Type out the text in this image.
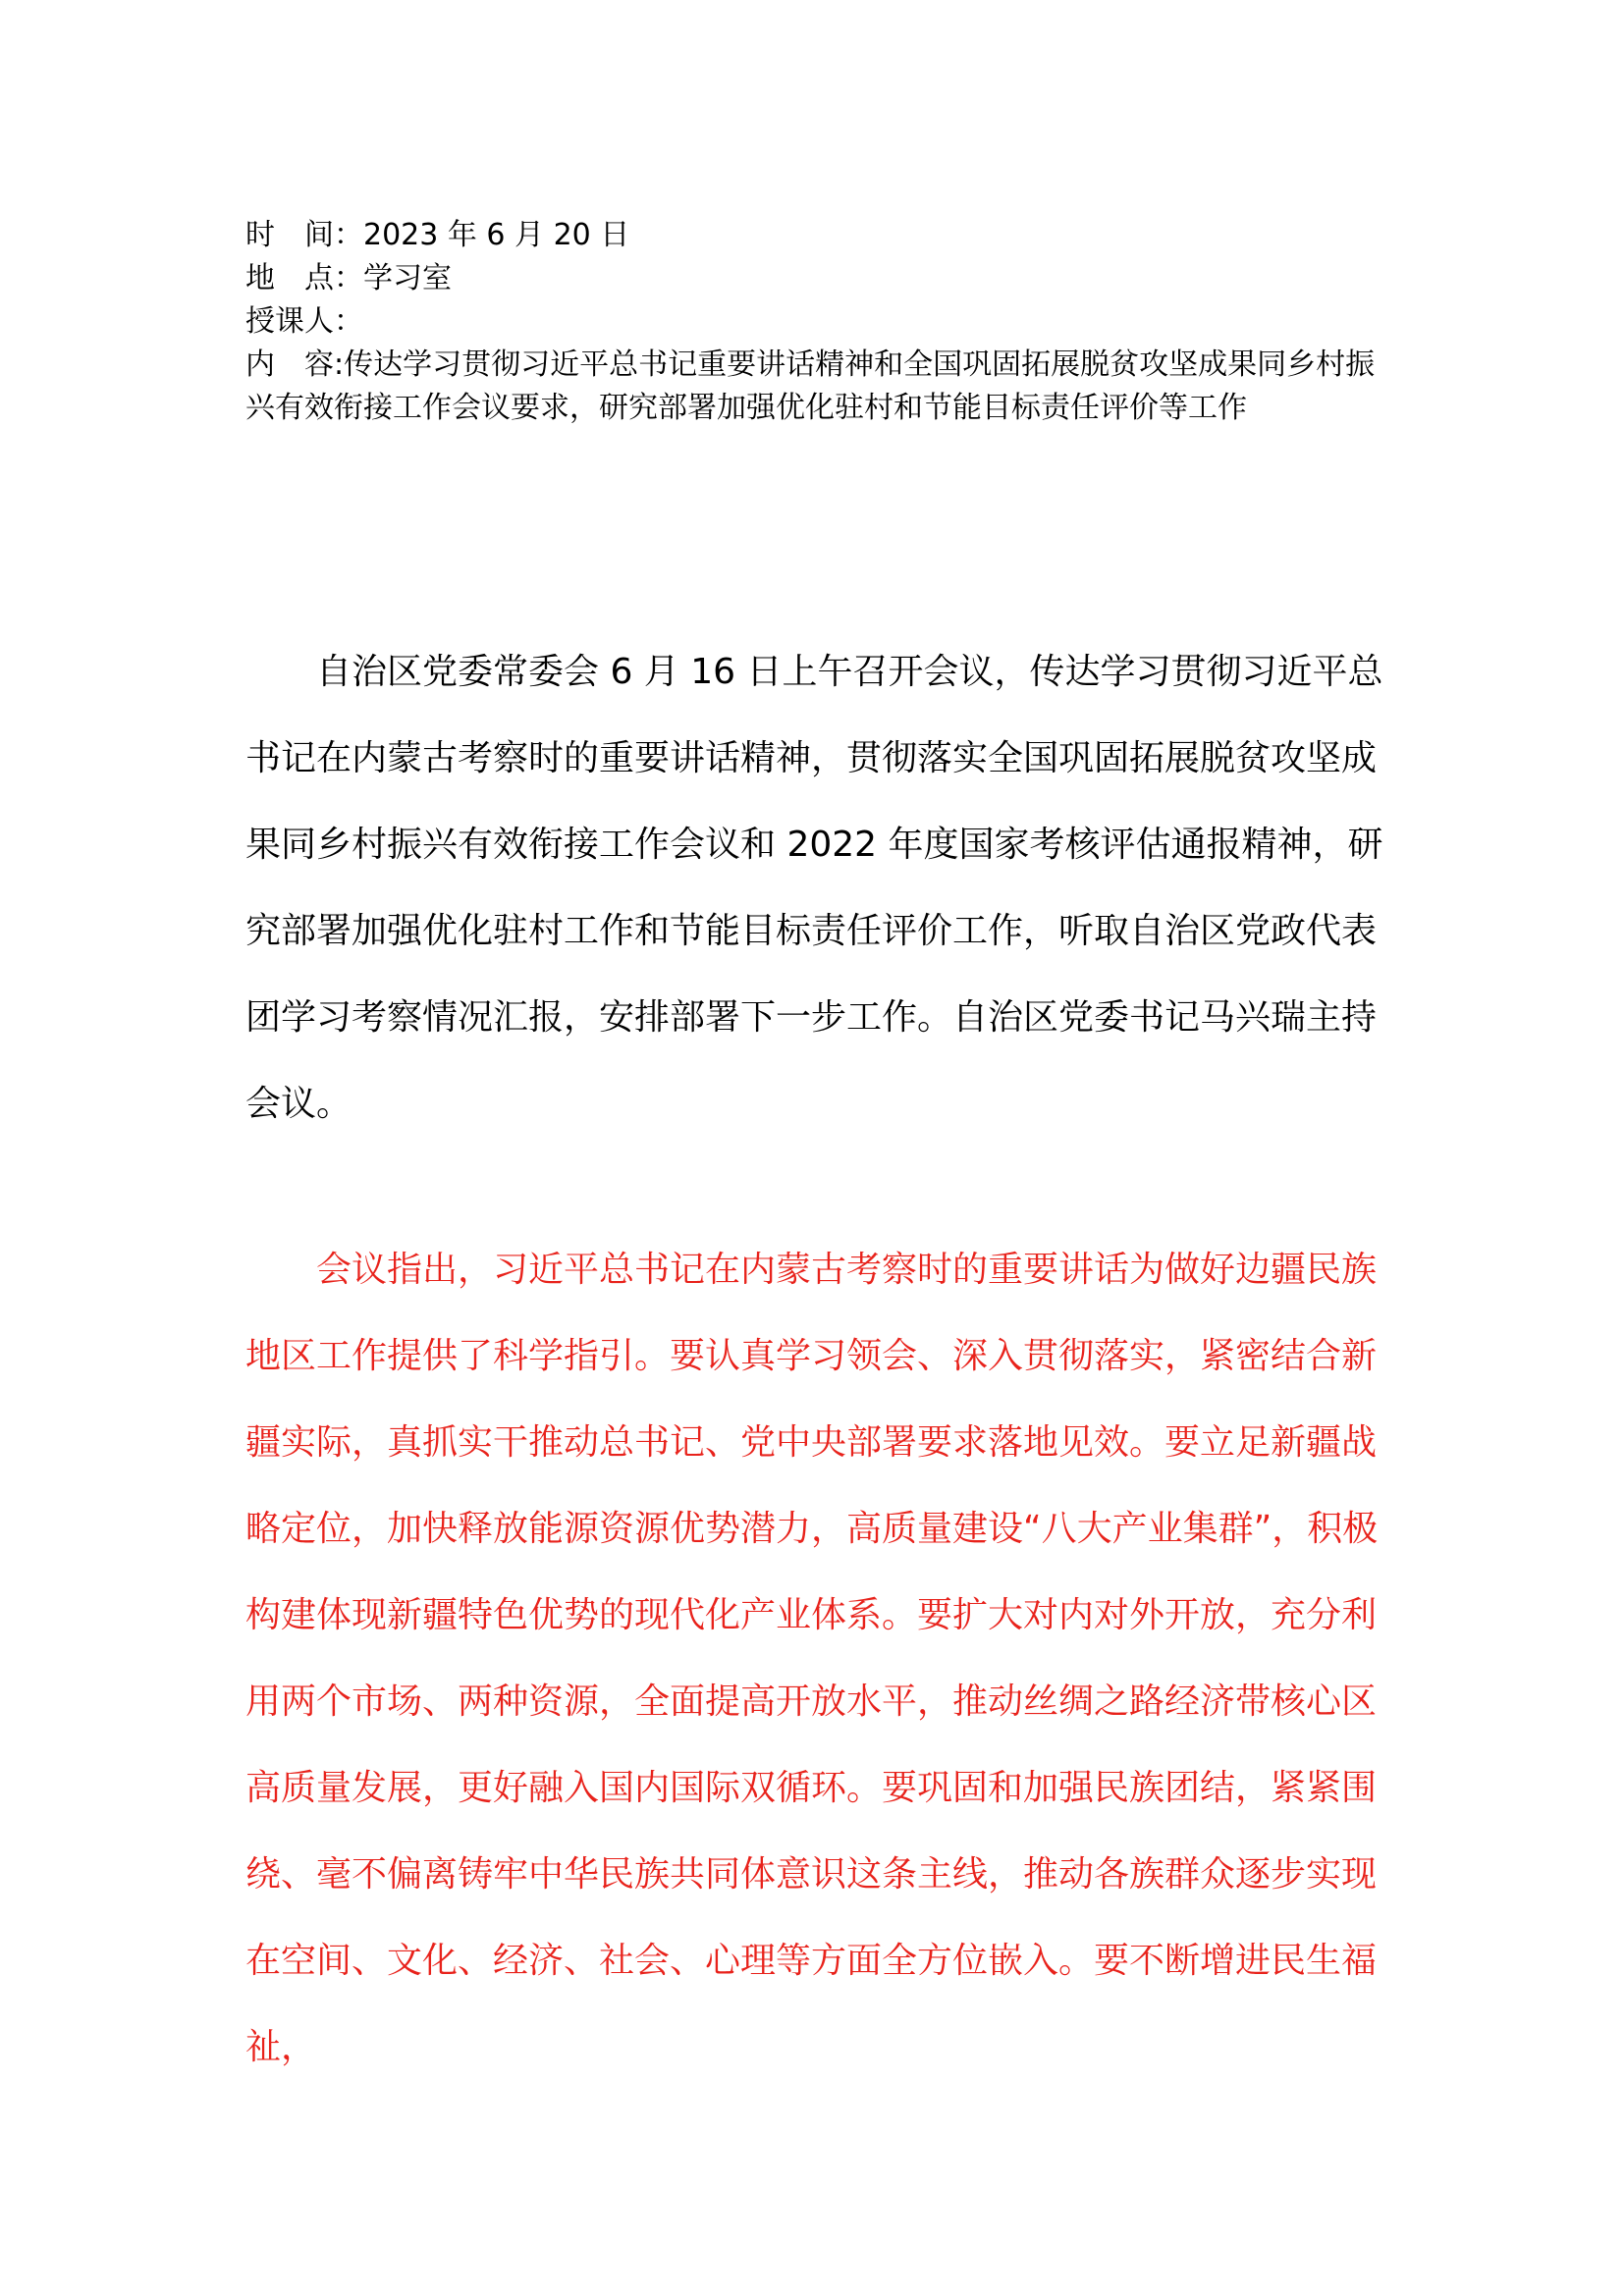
时　间：2023 年 6 月 20 日
地　点：学习室
授课人：
内　容:传达学习贯彻习近平总书记重要讲话精神和全国巩固拓展脱贫攻坚成果同乡村振兴有效衔接工作会议要求，研究部署加强优化驻村和节能目标责任评价等工作

自治区党委常委会 6 月 16 日上午召开会议，传达学习贯彻习近平总书记在内蒙古考察时的重要讲话精神，贯彻落实全国巩固拓展脱贫攻坚成果同乡村振兴有效衔接工作会议和 2022 年度国家考核评估通报精神，研究部署加强优化驻村工作和节能目标责任评价工作，听取自治区党政代表团学习考察情况汇报，安排部署下一步工作。自治区党委书记马兴瑞主持会议。

会议指出，习近平总书记在内蒙古考察时的重要讲话为做好边疆民族地区工作提供了科学指引。要认真学习领会、深入贯彻落实，紧密结合新疆实际，真抓实干推动总书记、党中央部署要求落地见效。要立足新疆战略定位，加快释放能源资源优势潜力，高质量建设“八大产业集群”，积极构建体现新疆特色优势的现代化产业体系。要扩大对内对外开放，充分利用两个市场、两种资源，全面提高开放水平，推动丝绸之路经济带核心区高质量发展，更好融入国内国际双循环。要巩固和加强民族团结，紧紧围绕、毫不偏离铸牢中华民族共同体意识这条主线，推动各族群众逐步实现在空间、文化、经济、社会、心理等方面全方位嵌入。要不断增进民生福祉，
